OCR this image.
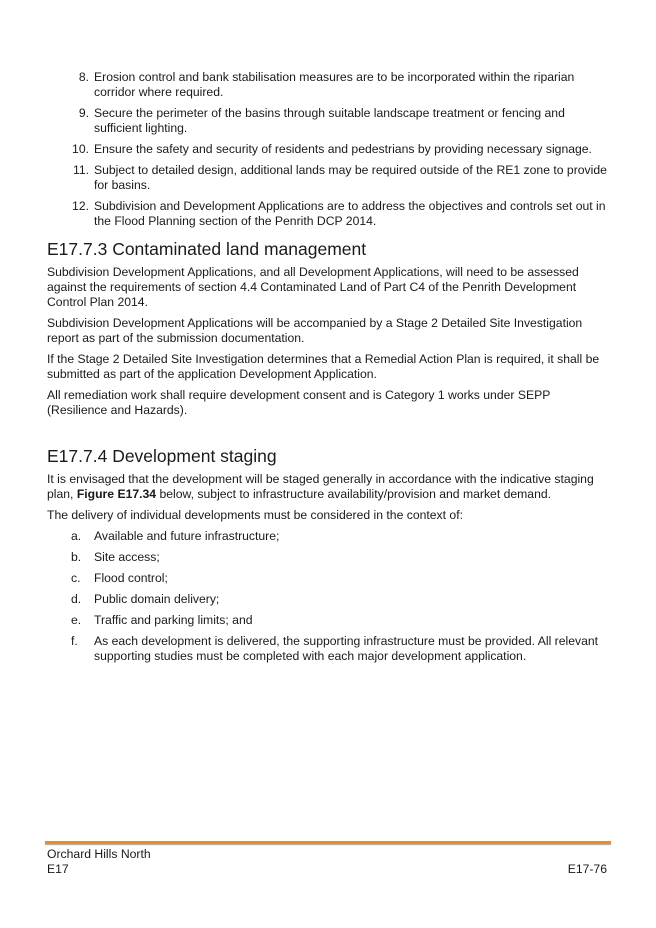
8. Erosion control and bank stabilisation measures are to be incorporated within the riparian corridor where required.
9. Secure the perimeter of the basins through suitable landscape treatment or fencing and sufficient lighting.
10. Ensure the safety and security of residents and pedestrians by providing necessary signage.
11. Subject to detailed design, additional lands may be required outside of the RE1 zone to provide for basins.
12. Subdivision and Development Applications are to address the objectives and controls set out in the Flood Planning section of the Penrith DCP 2014.
E17.7.3 Contaminated land management

Subdivision Development Applications, and all Development Applications, will need to be assessed against the requirements of section 4.4 Contaminated Land of Part C4 of the Penrith Development Control Plan 2014.

Subdivision Development Applications will be accompanied by a Stage 2 Detailed Site Investigation report as part of the submission documentation.

If the Stage 2 Detailed Site Investigation determines that a Remedial Action Plan is required, it shall be submitted as part of the application Development Application.

All remediation work shall require development consent and is Category 1 works under SEPP (Resilience and Hazards).

E17.7.4 Development staging

It is envisaged that the development will be staged generally in accordance with the indicative staging plan, Figure E17.34 below, subject to infrastructure availability/provision and market demand.

The delivery of individual developments must be considered in the context of:

a. Available and future infrastructure;
b. Site access;
c. Flood control;
d. Public domain delivery;
e. Traffic and parking limits; and
f. As each development is delivered, the supporting infrastructure must be provided. All relevant supporting studies must be completed with each major development application.
Orchard Hills North
E17	E17-76
